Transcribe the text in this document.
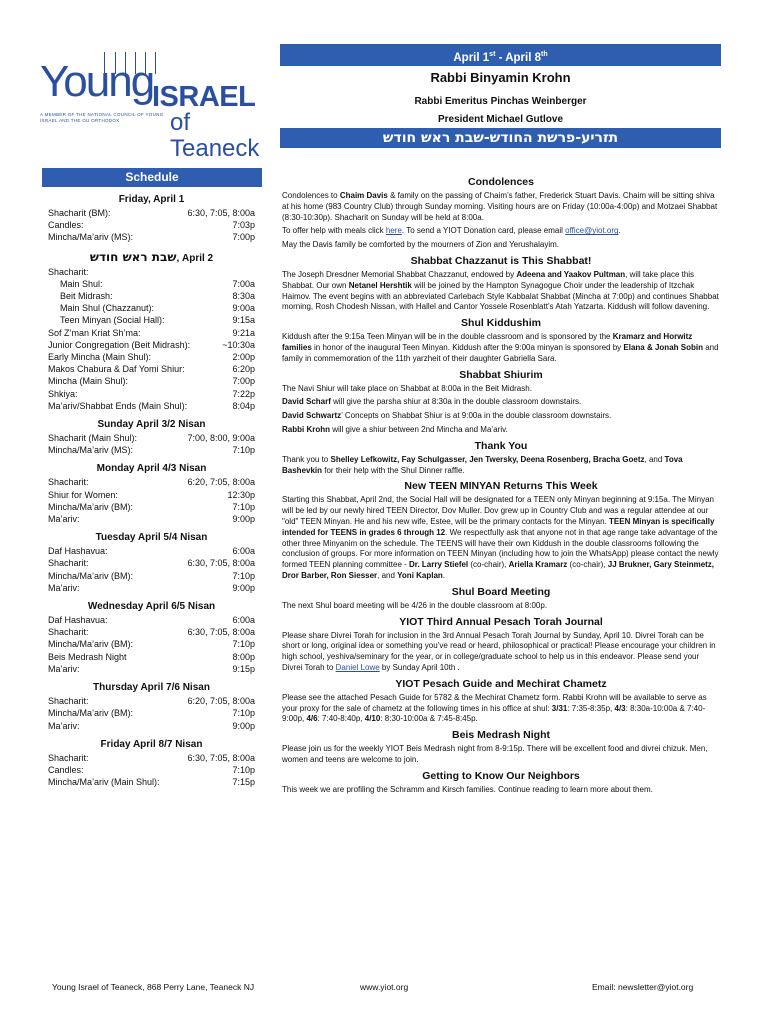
Young
ISRAEL
A MEMBER OF THE NATIONAL COUNCIL OF YOUNG ISRAEL AND THE OU ORTHODOX	of Teaneck
April 1st - April 8th
Rabbi Binyamin Krohn
Rabbi Emeritus Pinchas Weinberger
President Michael Gutlove
תזריע-פרשת החודש-שבת ראש חודש
Schedule
Friday, April 1
Shacharit (BM):	6:30, 7:05, 8:00a
Candles:	7:03p
Mincha/Ma’ariv (MS):	7:00p
שבת ראש חודש, April 2
Shacharit:
Main Shul:	7:00a
Beit Midrash:	8:30a
Main Shul (Chazzanut):	9:00a
Teen Minyan (Social Hall):	9:15a
Sof Z’man Kriat Sh’ma:	9:21a
Junior Congregation (Beit Midrash):	~10:30a
Early Mincha (Main Shul):	2:00p
Makos Chabura & Daf Yomi Shiur:	6:20p
Mincha (Main Shul):	7:00p
Shkiya:	7:22p
Ma’ariv/Shabbat Ends (Main Shul):	8:04p
Sunday April 3/2 Nisan
Shacharit (Main Shul):	7:00, 8:00, 9:00a
Mincha/Ma’ariv (MS):	7:10p
Monday April 4/3 Nisan
Shacharit:	6:20, 7:05, 8:00a
Shiur for Women:	12:30p
Mincha/Ma’ariv (BM):	7:10p
Ma’ariv:	9:00p
Tuesday April 5/4 Nisan
Daf Hashavua:	6:00a
Shacharit:	6:30, 7:05, 8:00a
Mincha/Ma’ariv (BM):	7:10p
Ma’ariv:	9:00p
Wednesday April 6/5 Nisan
Daf Hashavua:	6:00a
Shacharit:	6:30, 7:05, 8:00a
Mincha/Ma’ariv (BM):	7:10p
Beis Medrash Night	8:00p
Ma’ariv:	9:15p
Thursday April 7/6 Nisan
Shacharit:	6:20, 7:05, 8:00a
Mincha/Ma’ariv (BM):	7:10p
Ma’ariv:	9:00p
Friday April 8/7 Nisan
Shacharit:	6:30, 7:05, 8:00a
Candles:	7:10p
Mincha/Ma’ariv (Main Shul):	7:15p
Condolences

Condolences to Chaim Davis & family on the passing of Chaim’s father, Frederick Stuart Davis. Chaim will be sitting shiva at his home (983 Country Club) through Sunday morning. Visiting hours are on Friday (10:00a-4:00p) and Motzaei Shabbat (8:30-10:30p). Shacharit on Sunday will be held at 8:00a.

To offer help with meals click here. To send a YIOT Donation card, please email office@yiot.org.

May the Davis family be comforted by the mourners of Zion and Yerushalayim.

Shabbat Chazzanut is This Shabbat!

The Joseph Dresdner Memorial Shabbat Chazzanut, endowed by Adeena and Yaakov Pultman, will take place this Shabbat. Our own Netanel Hershtik will be joined by the Hampton Synagogue Choir under the leadership of Itzchak Haimov. The event begins with an abbreviated Carlebach Style Kabbalat Shabbat (Mincha at 7:00p) and continues Shabbat morning, Rosh Chodesh Nissan, with Hallel and Cantor Yossele Rosenblatt’s Atah Yatzarta. Kiddush will follow davening.

Shul Kiddushim

Kiddush after the 9:15a Teen Minyan will be in the double classroom and is sponsored by the Kramarz and Horwitz families in honor of the inaugural Teen Minyan. Kiddush after the 9:00a minyan is sponsored by Elana & Jonah Sobin and family in commemoration of the 11th yarzheit of their daughter Gabriella Sara.

Shabbat Shiurim

The Navi Shiur will take place on Shabbat at 8:00a in the Beit Midrash.

David Scharf will give the parsha shiur at 8:30a in the double classroom downstairs.

David Schwartz’ Concepts on Shabbat Shiur is at 9:00a in the double classroom downstairs.

Rabbi Krohn will give a shiur between 2nd Mincha and Ma’ariv.

Thank You

Thank you to Shelley Lefkowitz, Fay Schulgasser, Jen Twersky, Deena Rosenberg, Bracha Goetz, and Tova Bashevkin for their help with the Shul Dinner raffle.

New TEEN MINYAN Returns This Week

Starting this Shabbat, April 2nd, the Social Hall will be designated for a TEEN only Minyan beginning at 9:15a. The Minyan will be led by our newly hired TEEN Director, Dov Muller. Dov grew up in Country Club and was a regular attendee at our "old" TEEN Minyan. He and his new wife, Estee, will be the primary contacts for the Minyan. TEEN Minyan is specifically intended for TEENS in grades 6 through 12. We respectfully ask that anyone not in that age range take advantage of the other three Minyanim on the schedule. The TEENS will have their own Kiddush in the double classrooms following the conclusion of groups. For more information on TEEN Minyan (including how to join the WhatsApp) please contact the newly formed TEEN planning committee - Dr. Larry Stiefel (co-chair), Ariella Kramarz (co-chair), JJ Brukner, Gary Steinmetz, Dror Barber, Ron Siesser, and Yoni Kaplan.

Shul Board Meeting

The next Shul board meeting will be 4/26 in the double classroom at 8:00p.

YIOT Third Annual Pesach Torah Journal

Please share Divrei Torah for inclusion in the 3rd Annual Pesach Torah Journal by Sunday, April 10. Divrei Torah can be short or long, original idea or something you’ve read or heard, philosophical or practical! Please encourage your children in high school, yeshiva/seminary for the year, or in college/graduate school to help us in this endeavor. Please send your Divrei Torah to Daniel Lowe by Sunday April 10th .

YIOT Pesach Guide and Mechirat Chametz

Please see the attached Pesach Guide for 5782 & the Mechirat Chametz form. Rabbi Krohn will be available to serve as your proxy for the sale of chametz at the following times in his office at shul: 3/31: 7:35-8:35p, 4/3: 8:30a-10:00a & 7:40-9:00p, 4/6: 7:40-8:40p, 4/10: 8:30-10:00a & 7:45-8:45p.

Beis Medrash Night

Please join us for the weekly YIOT Beis Medrash night from 8-9:15p. There will be excellent food and divrei chizuk. Men, women and teens are welcome to join.

Getting to Know Our Neighbors

This week we are profiling the Schramm and Kirsch families. Continue reading to learn more about them.

Young Israel of Teaneck, 868 Perry Lane, Teaneck NJ	www.yiot.org	Email: newsletter@yiot.org
